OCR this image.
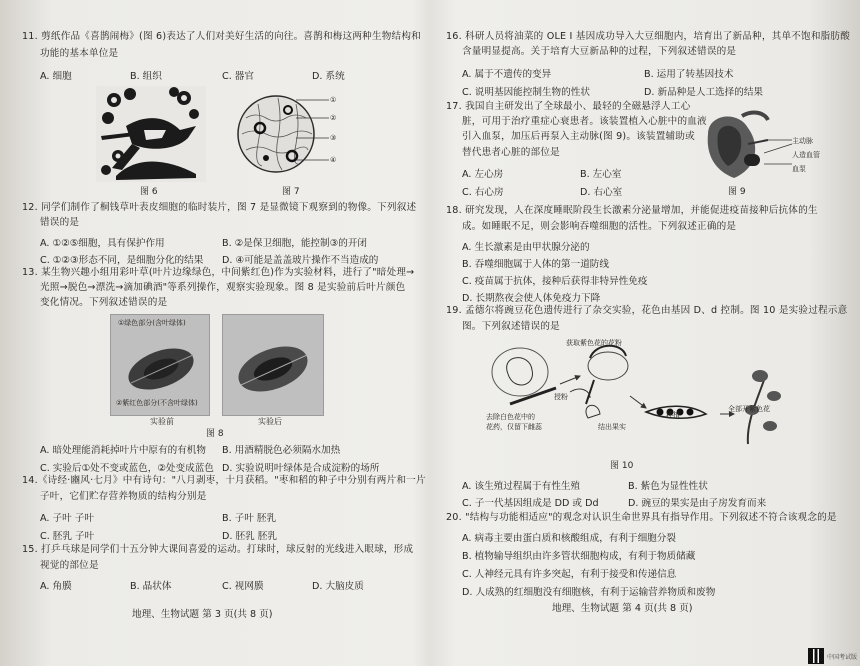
11. 剪纸作品《喜鹊闹梅》(图 6)表达了人们对美好生活的向往。喜鹊和梅这两种生物结构和
功能的基本单位是
A. 细胞	B. 组织	C. 器官	D. 系统
图 6
①
②
③
④
图 7
12. 同学们制作了桐钱草叶表皮细胞的临时装片，图 7 是显微镜下观察到的物像。下列叙述
错误的是
A. ①②⑤细胞，具有保护作用	B. ②是保卫细胞，能控制③的开闭
C. ①②③形态不同，是细胞分化的结果 D. ④可能是盖盖玻片操作不当造成的
13. 某生物兴趣小组用彩叶草(叶片边缘绿色，中间紫红色)作为实验材料，进行了"暗处理→
光照→脱色→漂洗→滴加碘酒"等系列操作，观察实验现象。图 8 是实验前后叶片颜色
变化情况。下列叙述错误的是
①绿色部分(含叶绿体)
②紫红色部分(不含叶绿体)
实验前	实验后
图 8
A. 暗处理能消耗掉叶片中原有的有机物 B. 用酒精脱色必须隔水加热
C. 实验后①处不变或蓝色，②处变成蓝色 D. 实验说明叶绿体是合成淀粉的场所
14.《诗经·豳风·七月》中有诗句："八月剥枣，十月获稻。"枣和稻的种子中分别有两片和一片
子叶，它们贮存营养物质的结构分别是
A. 子叶 子叶	B. 子叶 胚乳
C. 胚乳 子叶	D. 胚乳 胚乳
15. 打乒乓球是同学们十五分钟大课间喜爱的运动。打球时，球反射的光线进入眼球，形成
视觉的部位是
A. 角膜	B. 晶状体	C. 视网膜	D. 大脑皮质
地理、生物试题 第 3 页(共 8 页)
16. 科研人员将油菜的 OLE I 基因成功导入大豆细胞内，培育出了新品种，其单不饱和脂肪酸
含量明显提高。关于培育大豆新品种的过程，下列叙述错误的是
A. 属于不遗传的变异	B. 运用了转基因技术
C. 说明基因能控制生物的性状	D. 新品种是人工选择的结果
17. 我国自主研发出了全球最小、最轻的全磁悬浮人工心
脏，可用于治疗重症心衰患者。该装置植入心脏中的血液
引入血泵，加压后再泵入主动脉(图 9)。该装置辅助或
替代患者心脏的部位是
A. 左心房	B. 左心室
C. 右心房	D. 右心室
主动脉
人造血管
血泵
图 9
18. 研究发现，人在深度睡眠阶段生长激素分泌量增加，并能促进疫苗接种后抗体的生
成。如睡眠不足，则会影响吞噬细胞的活性。下列叙述正确的是
A. 生长激素是由甲状腺分泌的
B. 吞噬细胞属于人体的第一道防线
C. 疫苗属于抗体，接种后获得非特异性免疫
D. 长期熬夜会使人体免疫力下降
19. 孟德尔将豌豆花色遗传进行了杂交实验，花色由基因 D、d 控制。图 10 是实验过程示意
图。下列叙述错误的是
获取紫色花的花粉
授粉
去除白色花中的
花药，仅留下雌蕊	结出果实
种植
全部开紫色花
图 10
A. 该生殖过程属于有性生殖	B. 紫色为显性性状
C. 子一代基因组成是 DD 或 Dd	D. 豌豆的果实是由子房发育而来
20. "结构与功能相适应"的观念对认识生命世界具有指导作用。下列叙述不符合该观念的是
A. 病毒主要由蛋白质和核酸组成，有利于细胞分裂
B. 植物输导组织由许多管状细胞构成，有利于物质储藏
C. 人神经元具有许多突起，有利于接受和传递信息
D. 人成熟的红细胞没有细胞核，有利于运输营养物质和废物
地理、生物试题 第 4 页(共 8 页)
中国考试版
